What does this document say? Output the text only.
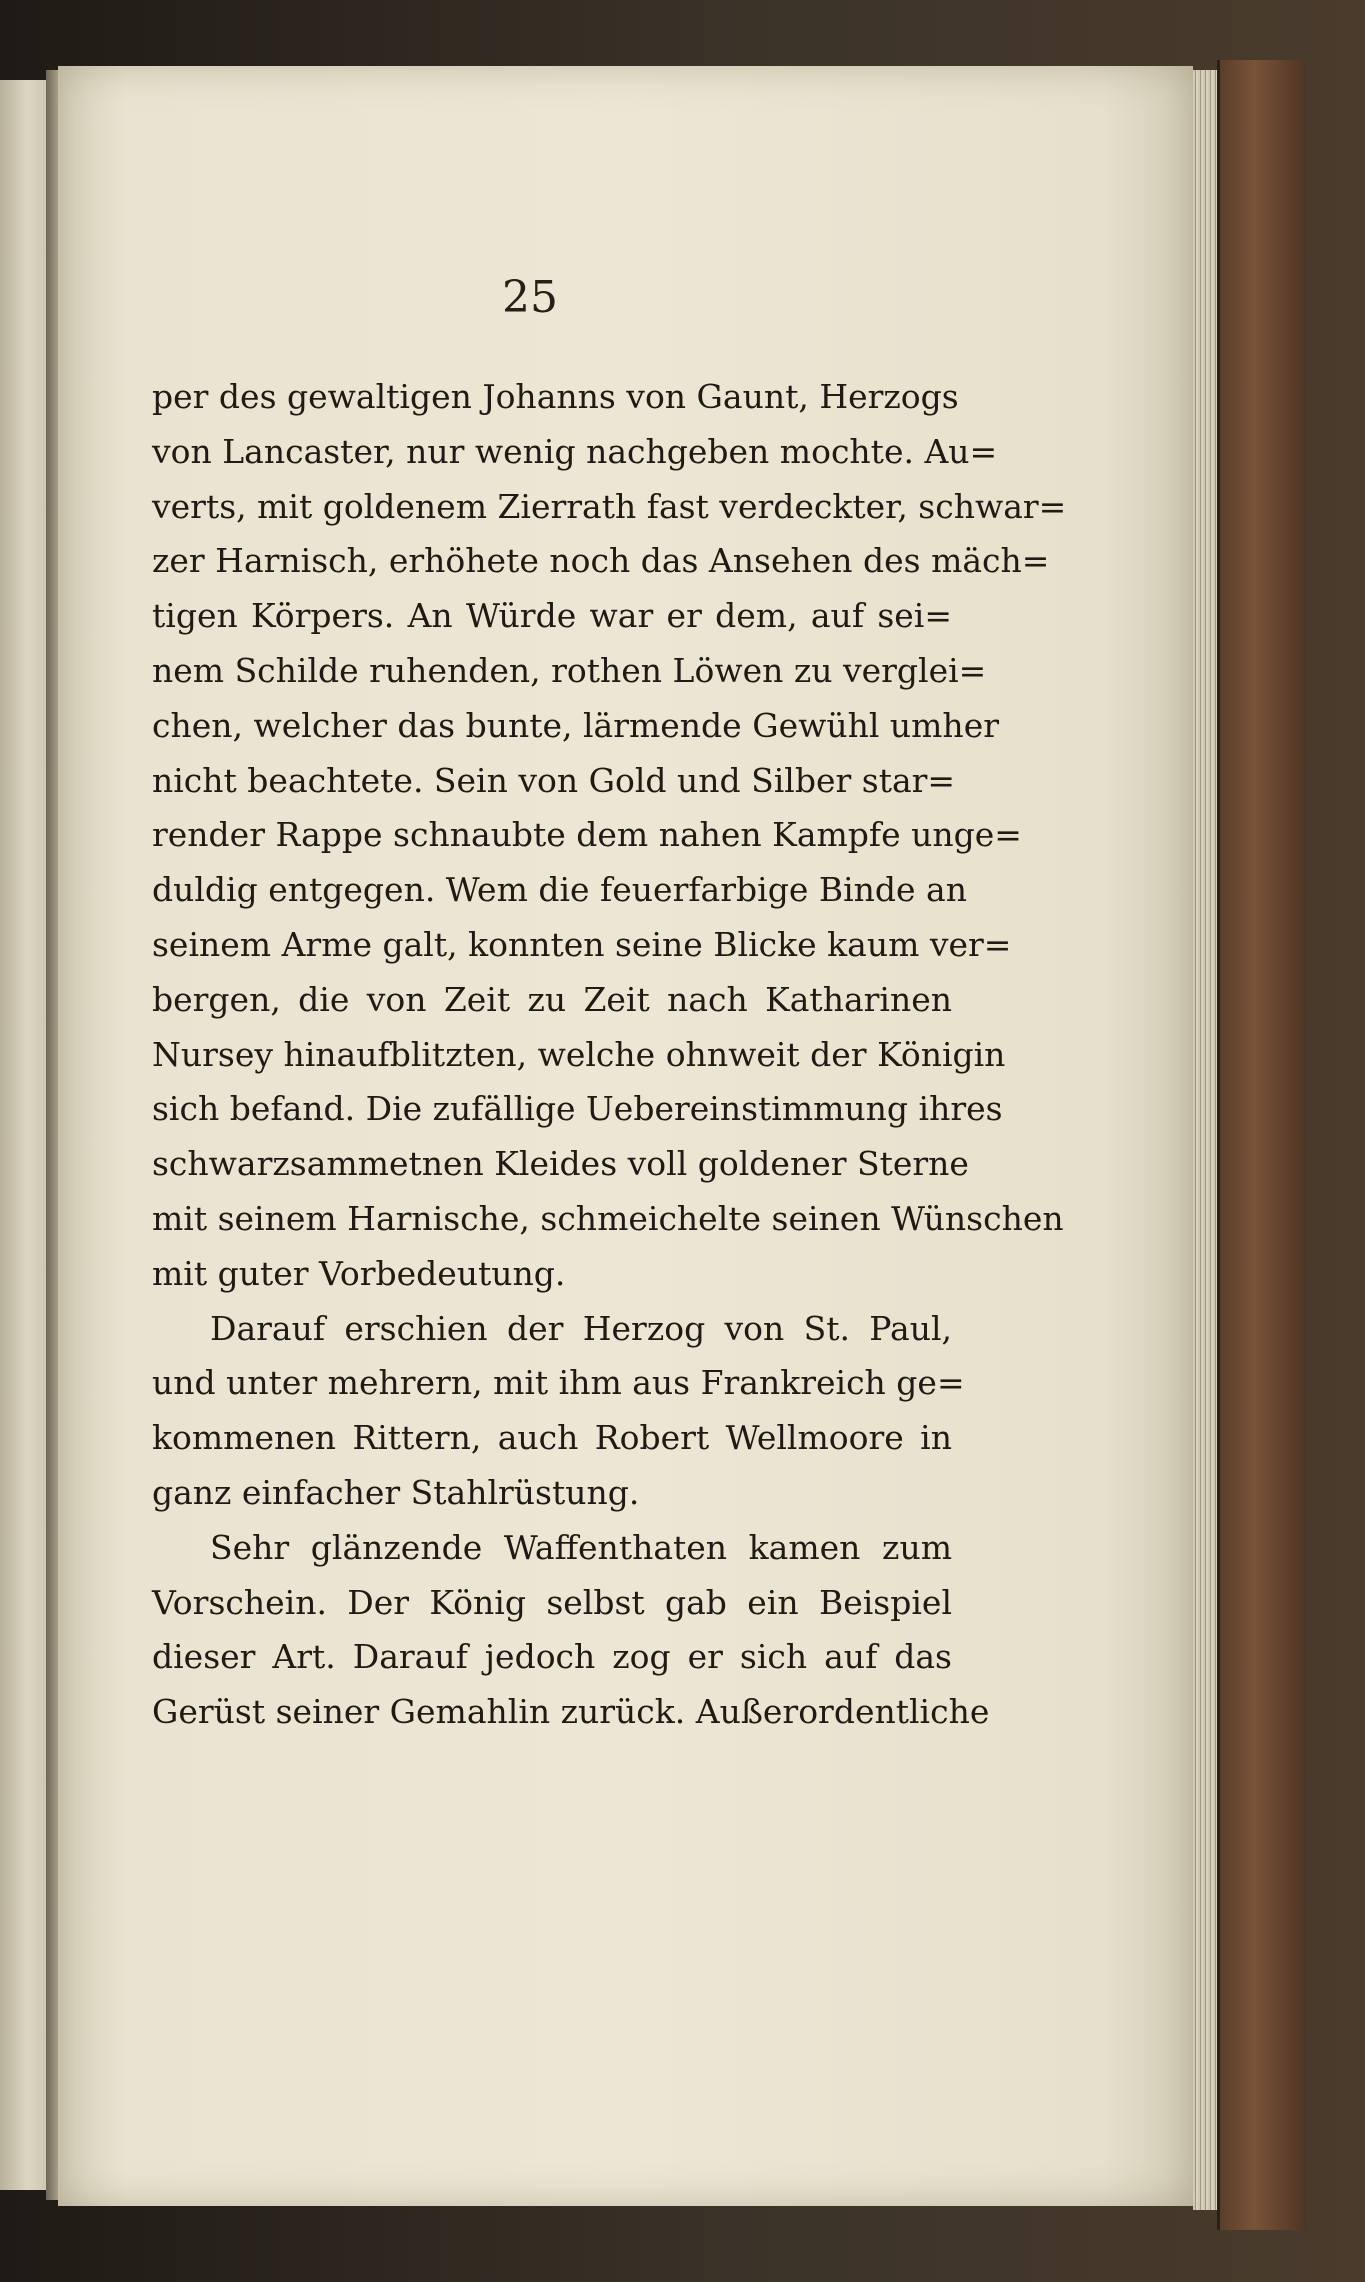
25
per des gewaltigen Johanns von Gaunt, Herzogs
von Lancaster, nur wenig nachgeben mochte. Au=
verts, mit goldenem Zierrath fast verdeckter, schwar=
zer Harnisch, erhöhete noch das Ansehen des mäch=
tigen Körpers. An Würde war er dem, auf sei=
nem Schilde ruhenden, rothen Löwen zu verglei=
chen, welcher das bunte, lärmende Gewühl umher
nicht beachtete. Sein von Gold und Silber star=
render Rappe schnaubte dem nahen Kampfe unge=
duldig entgegen. Wem die feuerfarbige Binde an
seinem Arme galt, konnten seine Blicke kaum ver=
bergen, die von Zeit zu Zeit nach Katharinen
Nursey hinaufblitzten, welche ohnweit der Königin
sich befand. Die zufällige Uebereinstimmung ihres
schwarzsammetnen Kleides voll goldener Sterne
mit seinem Harnische, schmeichelte seinen Wünschen
mit guter Vorbedeutung.
Darauf erschien der Herzog von St. Paul,
und unter mehrern, mit ihm aus Frankreich ge=
kommenen Rittern, auch Robert Wellmoore in
ganz einfacher Stahlrüstung.
Sehr glänzende Waffenthaten kamen zum
Vorschein. Der König selbst gab ein Beispiel
dieser Art. Darauf jedoch zog er sich auf das
Gerüst seiner Gemahlin zurück. Außerordentliche
